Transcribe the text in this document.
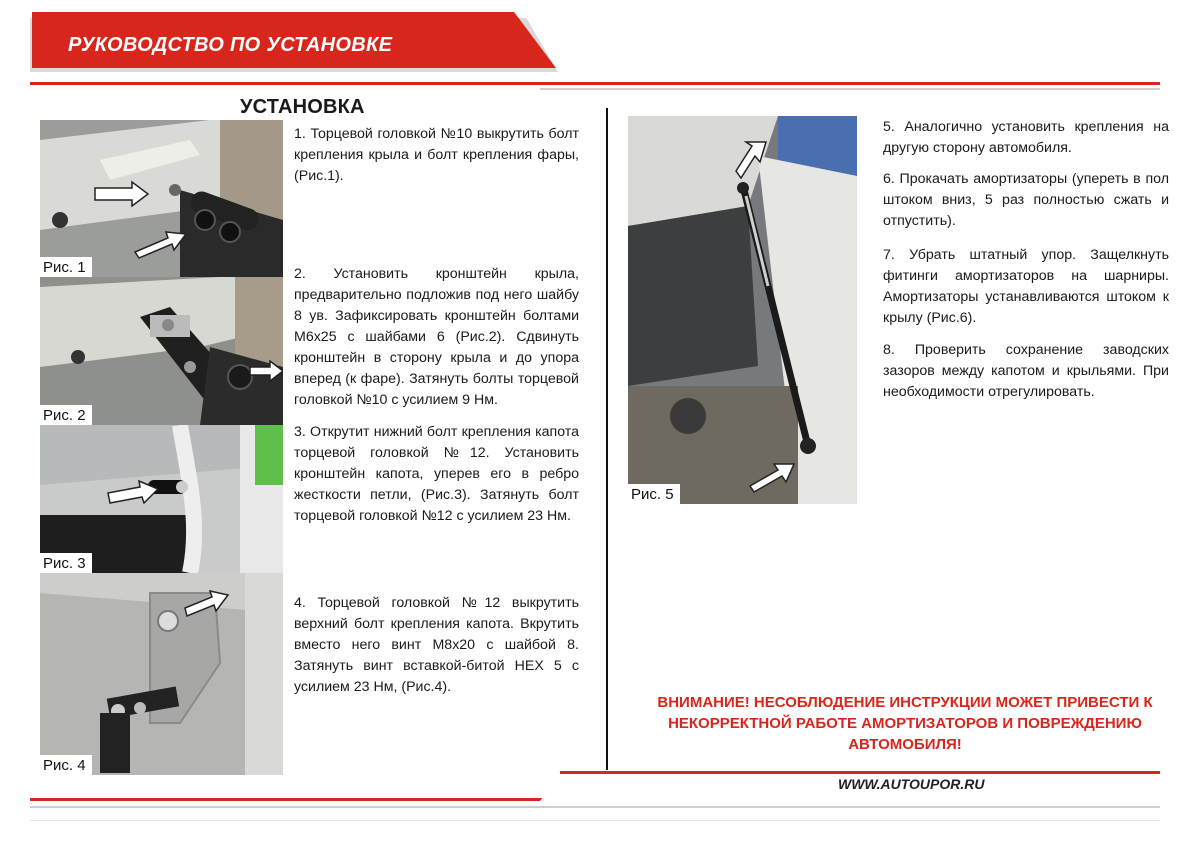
РУКОВОДСТВО ПО УСТАНОВКЕ
УСТАНОВКА
Рис. 1
Рис. 2
Рис. 3
Рис. 4

1. Торцевой головкой №10 выкрутить болт крепления крыла и болт крепления фары, (Рис.1).

2. Установить кронштейн крыла, предварительно подложив под него шайбу 8 ув. Зафиксировать кронштейн болтами М6х25 с шайбами 6 (Рис.2). Сдвинуть кронштейн в сторону крыла и до упора вперед (к фаре). Затянуть болты торцевой головкой №10 с усилием 9 Нм.

3. Открутит нижний болт крепления капота торцевой головкой №12. Установить кронштейн капота, уперев его в ребро жесткости петли, (Рис.3). Затянуть болт торцевой головкой №12 с усилием 23 Нм.

4. Торцевой головкой №12 выкрутить верхний болт крепления капота. Вкрутить вместо него винт М8х20 с шайбой 8. Затянуть винт вставкой-битой HEX 5 с усилием 23 Нм, (Рис.4).

Рис. 5

5. Аналогично установить крепления на другую сторону автомобиля.

6. Прокачать амортизаторы (упереть в пол штоком вниз, 5 раз полностью сжать и отпустить).

7. Убрать штатный упор. Защелкнуть фитинги амортизаторов на шарниры. Амортизаторы устанавливаются штоком к крылу (Рис.6).

8. Проверить сохранение заводских зазоров между капотом и крыльями. При необходимости отрегулировать.

ВНИМАНИЕ! НЕСОБЛЮДЕНИЕ ИНСТРУКЦИИ МОЖЕТ ПРИВЕСТИ К НЕКОРРЕКТНОЙ РАБОТЕ АМОРТИЗАТОРОВ И ПОВРЕЖДЕНИЮ АВТОМОБИЛЯ!
WWW.AUTOUPOR.RU
